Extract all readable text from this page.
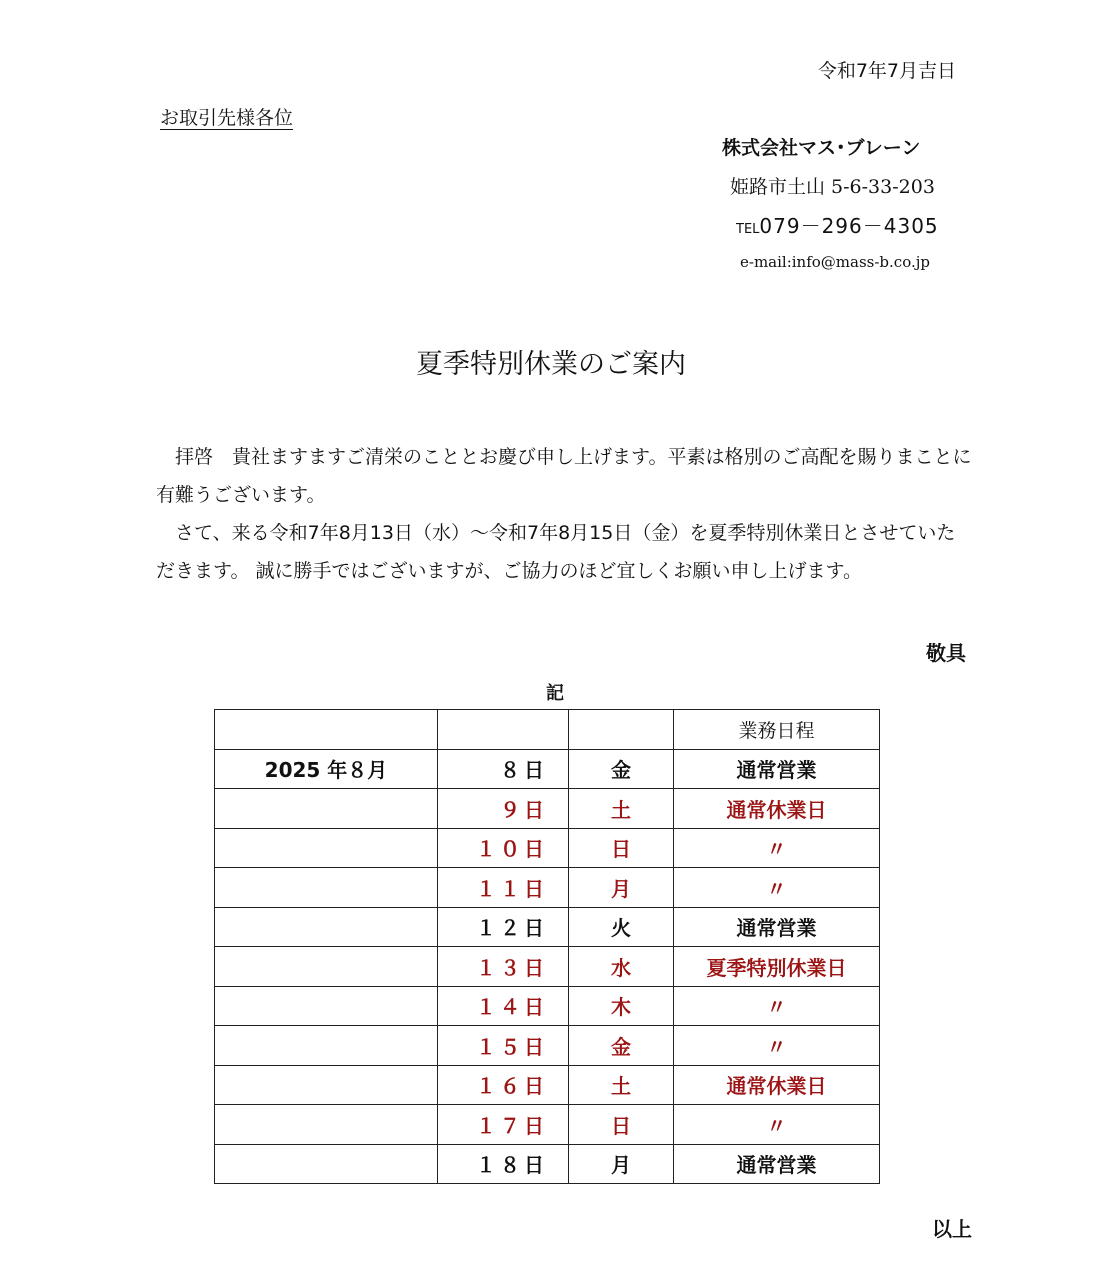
令和7年7月吉日
お取引先様各位
株式会社マス･ブレーン
姫路市土山 5-6-33-203
TEL079－296－4305
e-mail:info@mass-b.co.jp
夏季特別休業のご案内

拝啓　貴社ますますご清栄のこととお慶び申し上げます。平素は格別のご高配を賜りまことに有難うございます。

さて、来る令和7年8月13日（水）～令和7年8月15日（金）を夏季特別休業日とさせていただきます。 誠に勝手ではございますが、ご協力のほど宜しくお願い申し上げます。

敬具
記
			業務日程
2025 年８月	８日	金	通常営業
	９日	土	通常休業日
	１０日	日	〃
	１１日	月	〃
	１２日	火	通常営業
	１３日	水	夏季特別休業日
	１４日	木	〃
	１５日	金	〃
	１６日	土	通常休業日
	１７日	日	〃
	１８日	月	通常営業
以上
